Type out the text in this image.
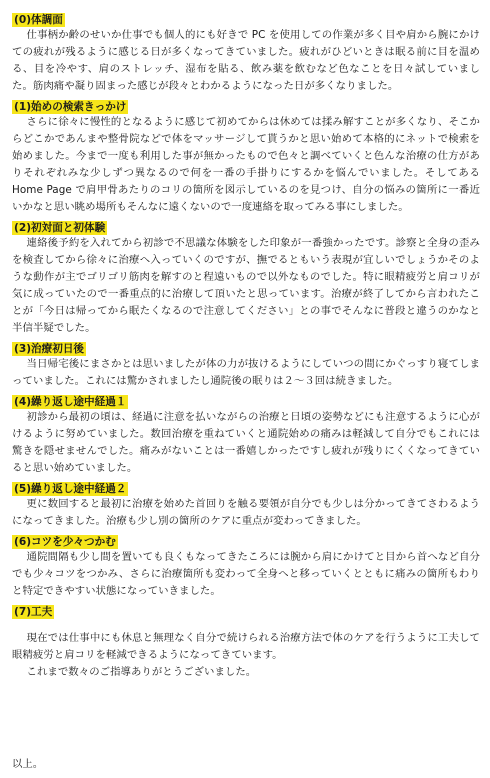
(0)体調面

仕事柄か齢のせいか仕事でも個人的にも好きで PC を使用しての作業が多く目や肩から腕にかけての疲れが残るように感じる日が多くなってきていました。疲れがひどいときは眠る前に目を温める、目を冷やす、肩のストレッチ、湿布を貼る、飲み薬を飲むなど色なことを日々試していました。筋肉痛や凝り固まった感じが段々とわかるようになった日が多くなりました。

(1)始めの検索きっかけ

さらに徐々に慢性的となるように感じて初めてからは休めては揉み解すことが多くなり、そこからどこかであんまや整骨院などで体をマッサージして貰うかと思い始めて本格的にネットで検索を始めました。今まで一度も利用した事が無かったもので色々と調べていくと色んな治療の仕方がありそれぞれみな少しずつ異なるので何を一番の手掛りにするかを悩んでいました。そしてある Home Page で肩甲骨あたりのコリの箇所を図示しているのを見つけ、自分の悩みの箇所に一番近いかなと思い眺め場所もそんなに遠くないので一度連絡を取ってみる事にしました。

(2)初対面と初体験

連絡後予約を入れてから初診で不思議な体験をした印象が一番強かったです。診察と全身の歪みを検査してから徐々に治療へ入っていくのですが、撫でるともいう表現が宜しいでしょうかそのような動作が主でゴリゴリ筋肉を解すのと程遠いもので以外なものでした。特に眼精疲労と肩コリが気に成っていたので一番重点的に治療して頂いたと思っています。治療が終了してから言われたことが「今日は帰ってから眠たくなるので注意してください」との事でそんなに普段と違うのかなと半信半疑でした。

(3)治療初日後

当日帰宅後にまさかとは思いましたが体の力が抜けるようにしていつの間にかぐっすり寝てしまっていました。これには驚かされましたし通院後の眠りは２～３回は続きました。

(4)繰り返し途中経過１

初診から最初の頃は、経過に注意を払いながらの治療と日頃の姿勢などにも注意するように心がけるように努めていました。数回治療を重ねていくと通院始めの痛みは軽減して自分でもこれには驚きを隠せませんでした。痛みがないことは一番嬉しかったですし疲れが残りにくくなってきていると思い始めていました。

(5)繰り返し途中経過２

更に数回すると最初に治療を始めた首回りを触る要領が自分でも少しは分かってきてさわるようになってきました。治療も少し別の箇所のケアに重点が変わってきました。

(6)コツを少々つかむ

通院間隔も少し間を置いても良くもなってきたころには腕から肩にかけてと目から首へなど自分でも少々コツをつかみ、さらに治療箇所も変わって全身へと移っていくとともに痛みの箇所もわりと特定できやすい状態になっていきました。

(7)工夫

現在では仕事中にも休息と無理なく自分で続けられる治療方法で体のケアを行うように工夫して眼精疲労と肩コリを軽減できるようになってきています。

これまで数々のご指導ありがとうございました。

以上。
